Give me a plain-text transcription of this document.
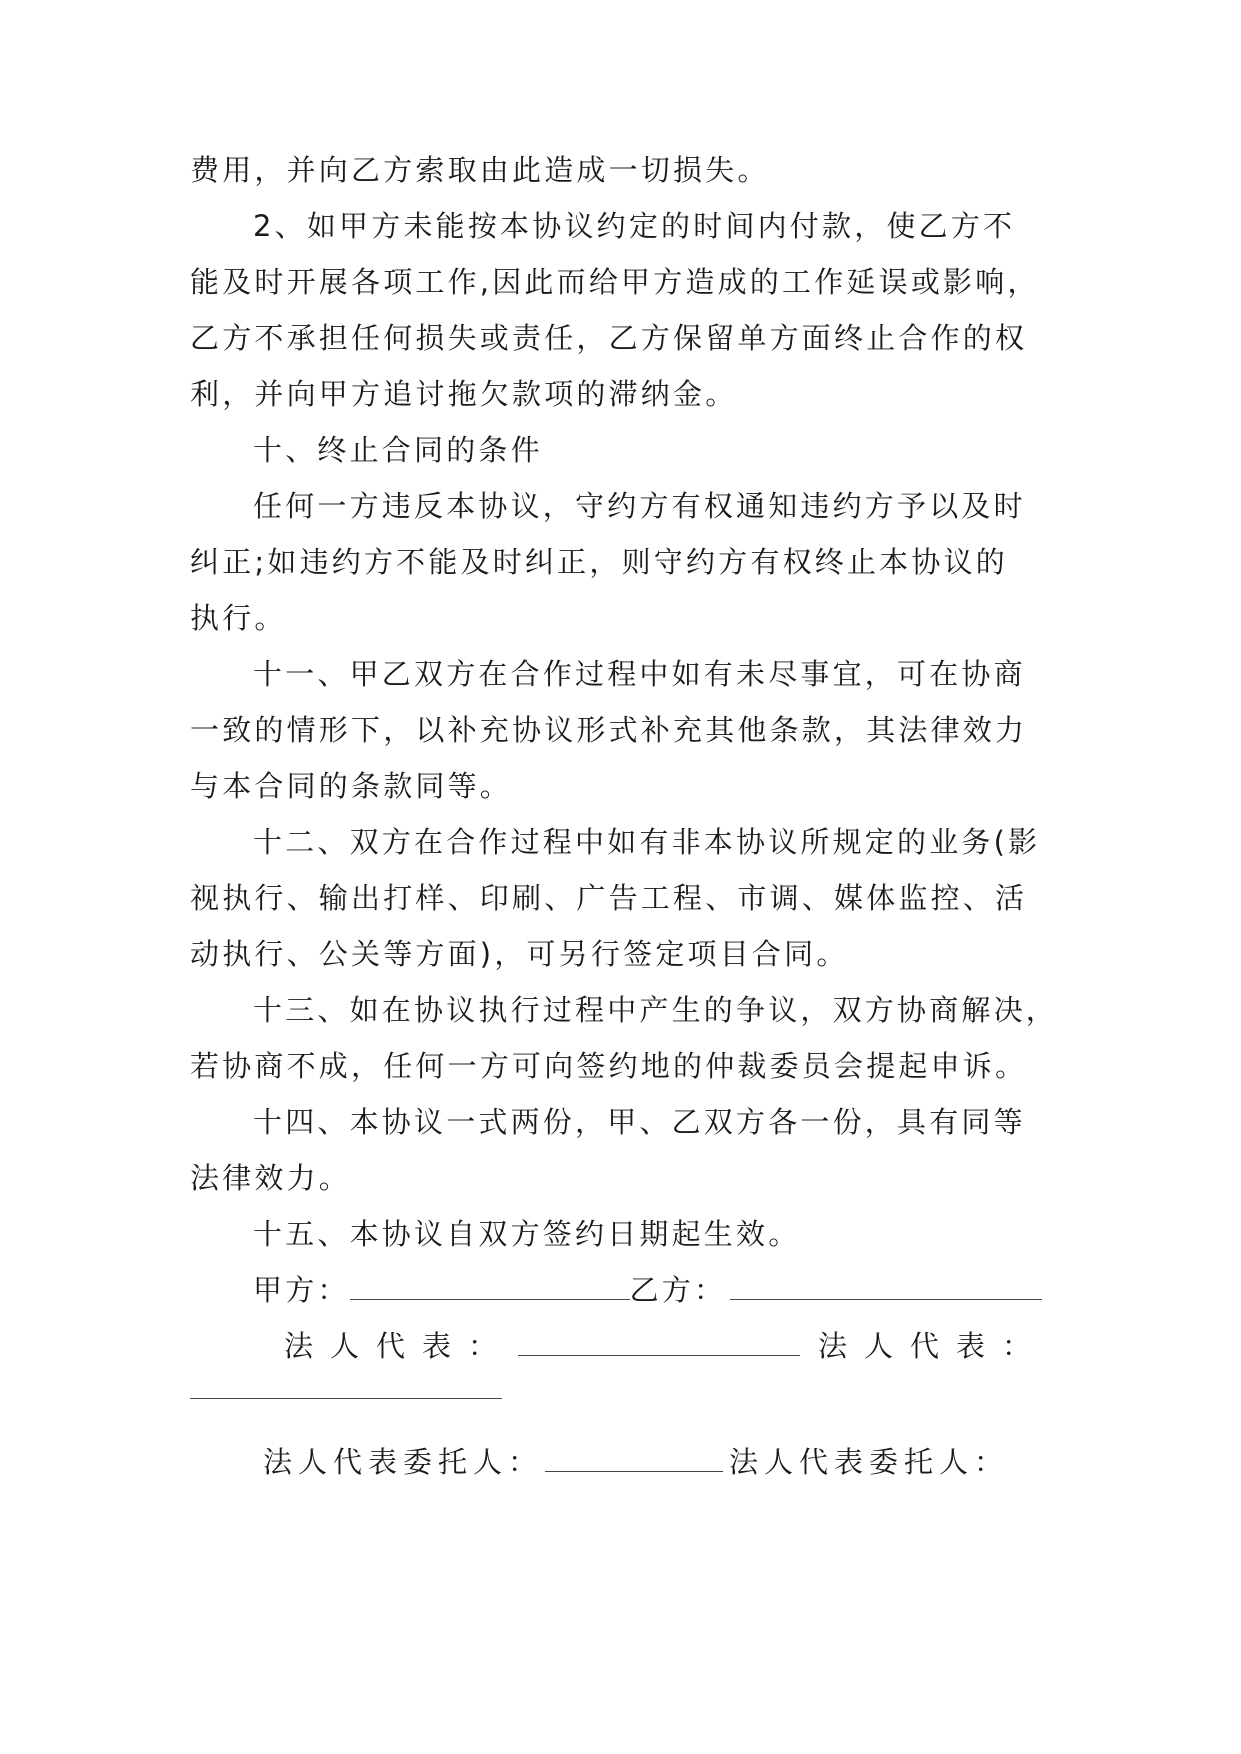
费用，并向乙方索取由此造成一切损失。
2、如甲方未能按本协议约定的时间内付款，使乙方不
能及时开展各项工作,因此而给甲方造成的工作延误或影响，
乙方不承担任何损失或责任，乙方保留单方面终止合作的权
利，并向甲方追讨拖欠款项的滞纳金。
十、终止合同的条件
任何一方违反本协议，守约方有权通知违约方予以及时
纠正;如违约方不能及时纠正，则守约方有权终止本协议的
执行。
十一、甲乙双方在合作过程中如有未尽事宜，可在协商
一致的情形下，以补充协议形式补充其他条款，其法律效力
与本合同的条款同等。
十二、双方在合作过程中如有非本协议所规定的业务(影
视执行、输出打样、印刷、广告工程、市调、媒体监控、活
动执行、公关等方面)，可另行签定项目合同。
十三、如在协议执行过程中产生的争议，双方协商解决，
若协商不成，任何一方可向签约地的仲裁委员会提起申诉。
十四、本协议一式两份，甲、乙双方各一份，具有同等
法律效力。
十五、本协议自双方签约日期起生效。
甲方：	乙方：
法人代表：	法人代表：
法人代表委托人：	法人代表委托人：
